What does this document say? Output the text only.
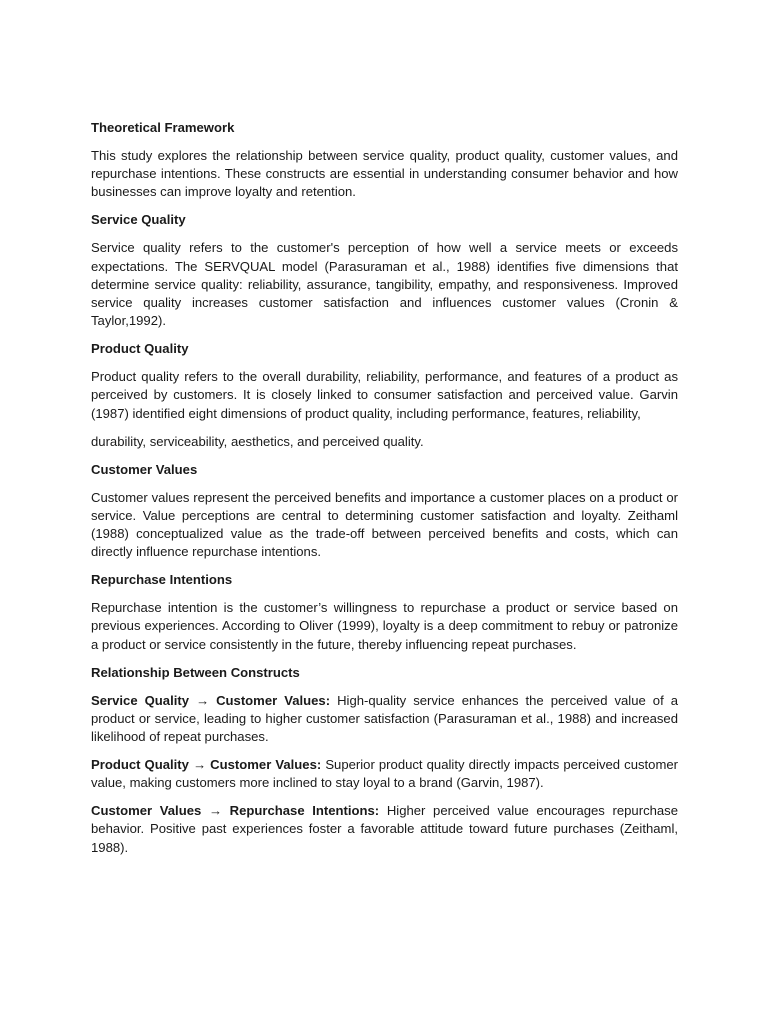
Theoretical Framework

This study explores the relationship between service quality, product quality, customer values, and repurchase intentions. These constructs are essential in understanding consumer behavior and how businesses can improve loyalty and retention.

Service Quality

Service quality refers to the customer's perception of how well a service meets or exceeds expectations. The SERVQUAL model (Parasuraman et al., 1988) identifies five dimensions that determine service quality: reliability, assurance, tangibility, empathy, and responsiveness. Improved service quality increases customer satisfaction and influences customer values (Cronin & Taylor,1992).

Product Quality

Product quality refers to the overall durability, reliability, performance, and features of a product as perceived by customers. It is closely linked to consumer satisfaction and perceived value. Garvin (1987) identified eight dimensions of product quality, including performance, features, reliability,

durability, serviceability, aesthetics, and perceived quality.

Customer Values

Customer values represent the perceived benefits and importance a customer places on a product or service. Value perceptions are central to determining customer satisfaction and loyalty. Zeithaml (1988) conceptualized value as the trade-off between perceived benefits and costs, which can directly influence repurchase intentions.

Repurchase Intentions

Repurchase intention is the customer’s willingness to repurchase a product or service based on previous experiences. According to Oliver (1999), loyalty is a deep commitment to rebuy or patronize a product or service consistently in the future, thereby influencing repeat purchases.

Relationship Between Constructs

Service Quality → Customer Values: High-quality service enhances the perceived value of a product or service, leading to higher customer satisfaction (Parasuraman et al., 1988) and increased likelihood of repeat purchases.

Product Quality → Customer Values: Superior product quality directly impacts perceived customer value, making customers more inclined to stay loyal to a brand (Garvin, 1987).

Customer Values → Repurchase Intentions: Higher perceived value encourages repurchase behavior. Positive past experiences foster a favorable attitude toward future purchases (Zeithaml, 1988).
